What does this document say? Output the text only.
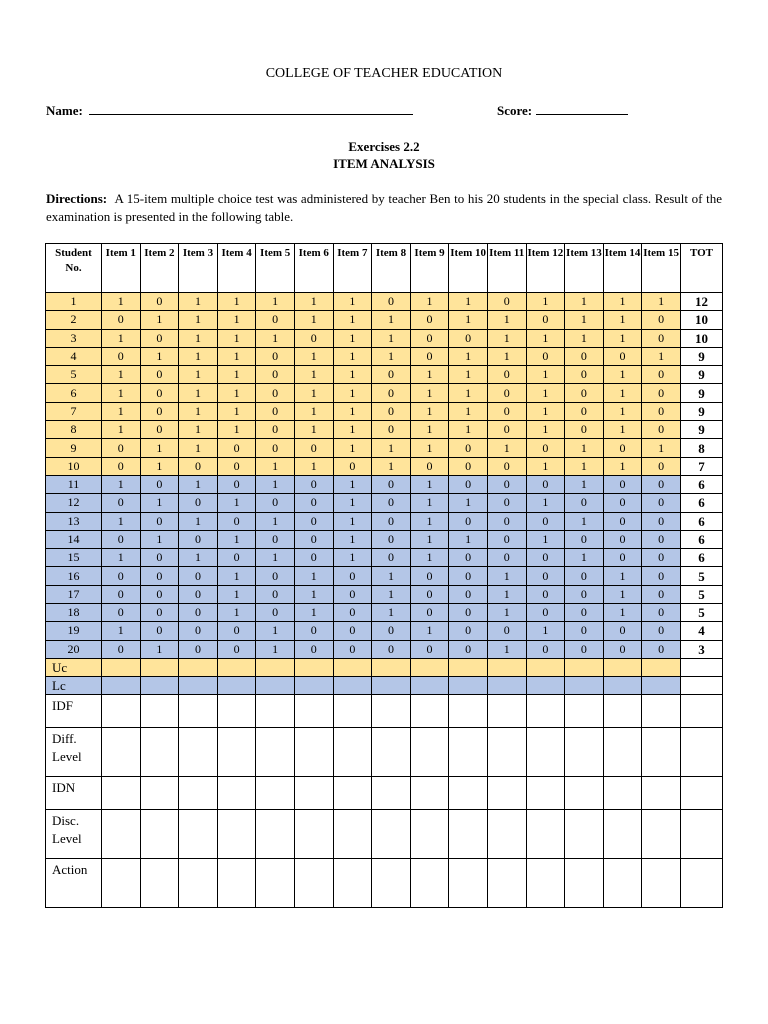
COLLEGE OF TEACHER EDUCATION
Name:	Score:
Exercises 2.2
ITEM ANALYSIS
Directions: A 15-item multiple choice test was administered by teacher Ben to his 20 students in the special class. Result of the examination is presented in the following table.
Student No.	Item 1	Item 2	Item 3	Item 4	Item 5	Item 6	Item 7	Item 8	Item 9	Item 10	Item 11	Item 12	Item 13	Item 14	Item 15	TOT
1	1	0	1	1	1	1	1	0	1	1	0	1	1	1	1	12
2	0	1	1	1	0	1	1	1	0	1	1	0	1	1	0	10
3	1	0	1	1	1	0	1	1	0	0	1	1	1	1	0	10
4	0	1	1	1	0	1	1	1	0	1	1	0	0	0	1	9
5	1	0	1	1	0	1	1	0	1	1	0	1	0	1	0	9
6	1	0	1	1	0	1	1	0	1	1	0	1	0	1	0	9
7	1	0	1	1	0	1	1	0	1	1	0	1	0	1	0	9
8	1	0	1	1	0	1	1	0	1	1	0	1	0	1	0	9
9	0	1	1	0	0	0	1	1	1	0	1	0	1	0	1	8
10	0	1	0	0	1	1	0	1	0	0	0	1	1	1	0	7
11	1	0	1	0	1	0	1	0	1	0	0	0	1	0	0	6
12	0	1	0	1	0	0	1	0	1	1	0	1	0	0	0	6
13	1	0	1	0	1	0	1	0	1	0	0	0	1	0	0	6
14	0	1	0	1	0	0	1	0	1	1	0	1	0	0	0	6
15	1	0	1	0	1	0	1	0	1	0	0	0	1	0	0	6
16	0	0	0	1	0	1	0	1	0	0	1	0	0	1	0	5
17	0	0	0	1	0	1	0	1	0	0	1	0	0	1	0	5
18	0	0	0	1	0	1	0	1	0	0	1	0	0	1	0	5
19	1	0	0	0	1	0	0	0	1	0	0	1	0	0	0	4
20	0	1	0	0	1	0	0	0	0	0	1	0	0	0	0	3
Uc																
Lc																

IDF																

Diff.
Level																

IDN																

Disc.
Level																

Action																
